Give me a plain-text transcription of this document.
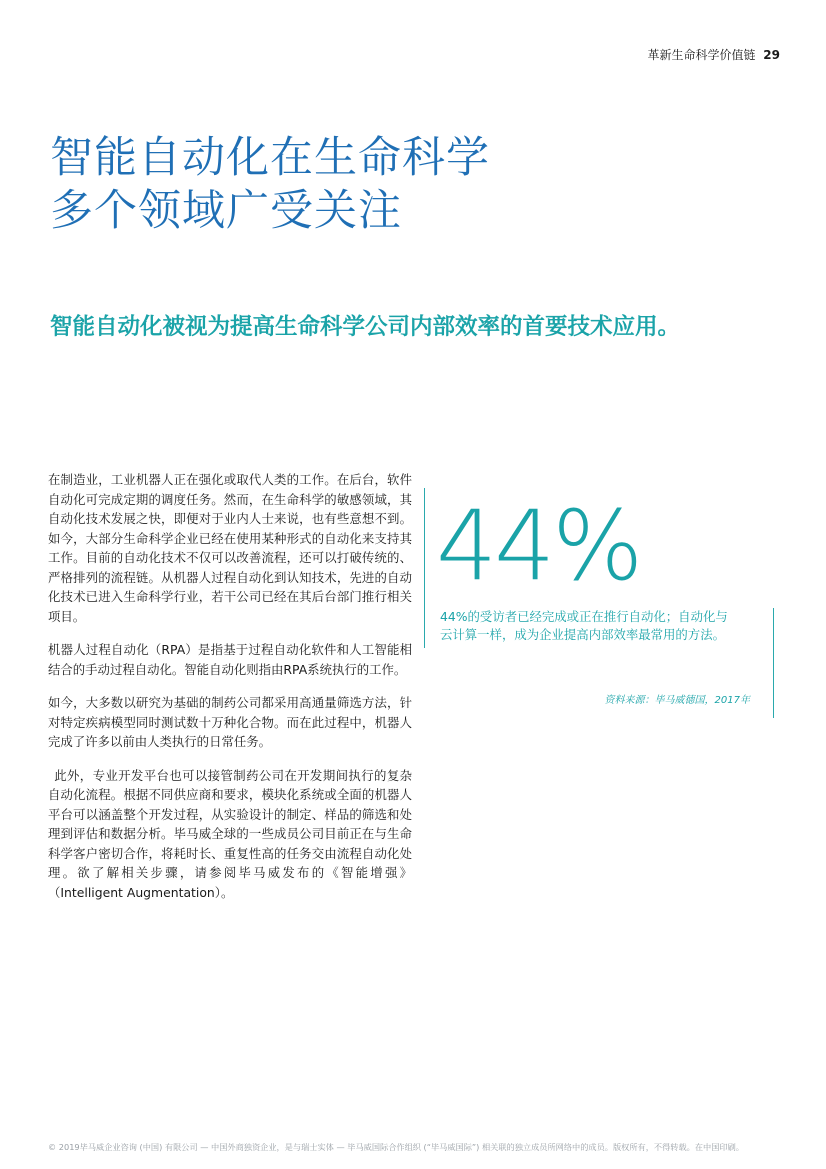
革新生命科学价值链 29
智能自动化在生命科学
多个领域广受关注
智能自动化被视为提高生命科学公司内部效率的首要技术应用。

在制造业，工业机器人正在强化或取代人类的工作。在后台，软件自动化可完成定期的调度任务。然而，在生命科学的敏感领域，其自动化技术发展之快，即便对于业内人士来说，也有些意想不到。如今，大部分生命科学企业已经在使用某种形式的自动化来支持其工作。目前的自动化技术不仅可以改善流程，还可以打破传统的、严格排列的流程链。从机器人过程自动化到认知技术，先进的自动化技术已进入生命科学行业，若干公司已经在其后台部门推行相关项目。

机器人过程自动化（RPA）是指基于过程自动化软件和人工智能相结合的手动过程自动化。智能自动化则指由RPA系统执行的工作。

如今，大多数以研究为基础的制药公司都采用高通量筛选方法，针对特定疾病模型同时测试数十万种化合物。而在此过程中，机器人完成了许多以前由人类执行的日常任务。

此外，专业开发平台也可以接管制药公司在开发期间执行的复杂自动化流程。根据不同供应商和要求，模块化系统或全面的机器人平台可以涵盖整个开发过程，从实验设计的制定、样品的筛选和处理到评估和数据分析。毕马威全球的一些成员公司目前正在与生命科学客户密切合作，将耗时长、重复性高的任务交由流程自动化处理。欲了解相关步骤，请参阅毕马威发布的《智能增强》（Intelligent Augmentation）。

44%
44%的受访者已经完成或正在推行自动化；自动化与云计算一样，成为企业提高内部效率最常用的方法。
资料来源：毕马威德国，2017年
© 2019毕马威企业咨询 (中国) 有限公司 — 中国外商独资企业，是与瑞士实体 — 毕马威国际合作组织 (“毕马威国际”) 相关联的独立成员所网络中的成员。版权所有，不得转载。在中国印刷。
